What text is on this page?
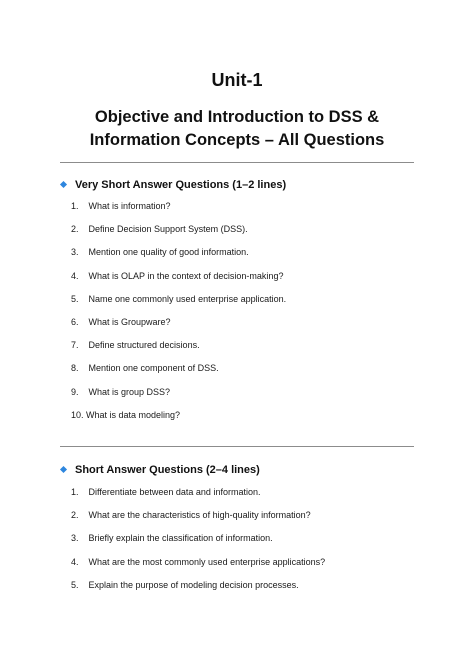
Unit-1
Objective and Introduction to DSS &
Information Concepts – All Questions
Very Short Answer Questions (1–2 lines)
1. What is information?
2. Define Decision Support System (DSS).
3. Mention one quality of good information.
4. What is OLAP in the context of decision-making?
5. Name one commonly used enterprise application.
6. What is Groupware?
7. Define structured decisions.
8. Mention one component of DSS.
9. What is group DSS?
10. What is data modeling?
Short Answer Questions (2–4 lines)
1. Differentiate between data and information.
2. What are the characteristics of high-quality information?
3. Briefly explain the classification of information.
4. What are the most commonly used enterprise applications?
5. Explain the purpose of modeling decision processes.
